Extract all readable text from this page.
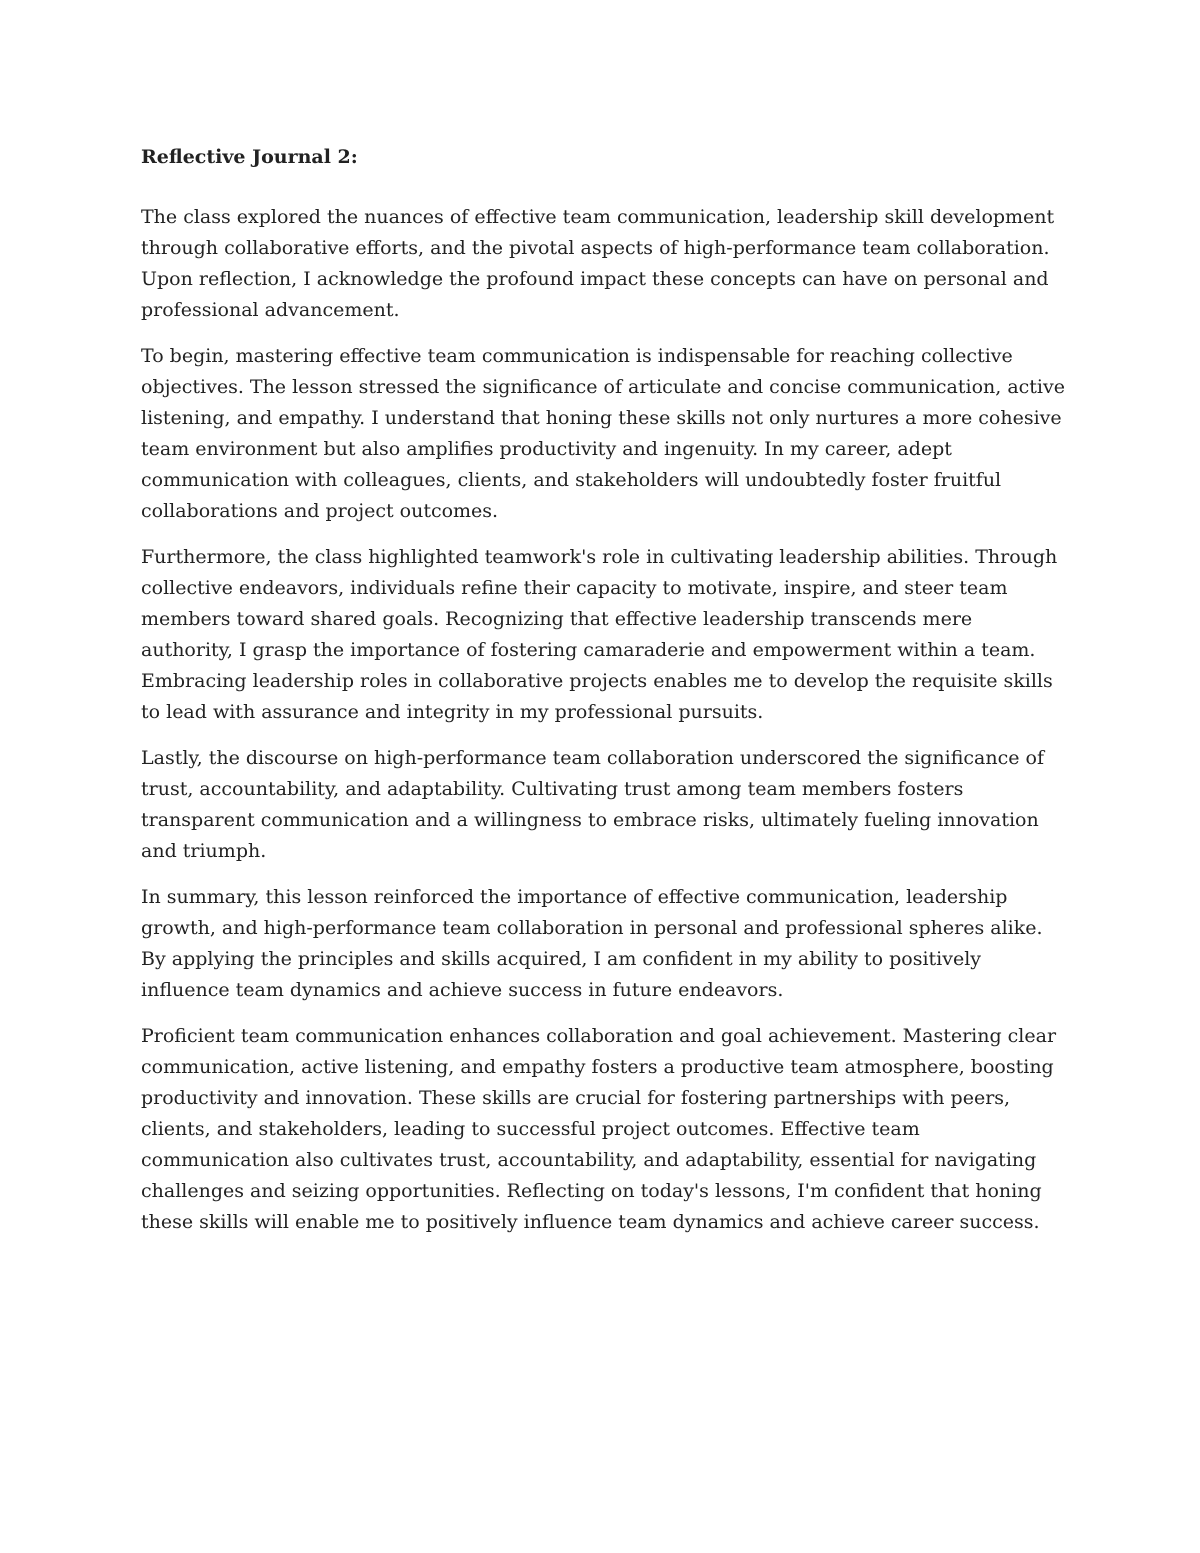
Reflective Journal 2:

The class explored the nuances of effective team communication, leadership skill development through collaborative efforts, and the pivotal aspects of high-performance team collaboration. Upon reflection, I acknowledge the profound impact these concepts can have on personal and professional advancement.

To begin, mastering effective team communication is indispensable for reaching collective objectives. The lesson stressed the significance of articulate and concise communication, active listening, and empathy. I understand that honing these skills not only nurtures a more cohesive team environment but also amplifies productivity and ingenuity. In my career, adept communication with colleagues, clients, and stakeholders will undoubtedly foster fruitful collaborations and project outcomes.

Furthermore, the class highlighted teamwork's role in cultivating leadership abilities. Through collective endeavors, individuals refine their capacity to motivate, inspire, and steer team members toward shared goals. Recognizing that effective leadership transcends mere authority, I grasp the importance of fostering camaraderie and empowerment within a team. Embracing leadership roles in collaborative projects enables me to develop the requisite skills to lead with assurance and integrity in my professional pursuits.

Lastly, the discourse on high-performance team collaboration underscored the significance of trust, accountability, and adaptability. Cultivating trust among team members fosters transparent communication and a willingness to embrace risks, ultimately fueling innovation and triumph.

In summary, this lesson reinforced the importance of effective communication, leadership growth, and high-performance team collaboration in personal and professional spheres alike. By applying the principles and skills acquired, I am confident in my ability to positively influence team dynamics and achieve success in future endeavors.

Proficient team communication enhances collaboration and goal achievement. Mastering clear communication, active listening, and empathy fosters a productive team atmosphere, boosting productivity and innovation. These skills are crucial for fostering partnerships with peers, clients, and stakeholders, leading to successful project outcomes. Effective team communication also cultivates trust, accountability, and adaptability, essential for navigating challenges and seizing opportunities. Reflecting on today's lessons, I'm confident that honing these skills will enable me to positively influence team dynamics and achieve career success.
